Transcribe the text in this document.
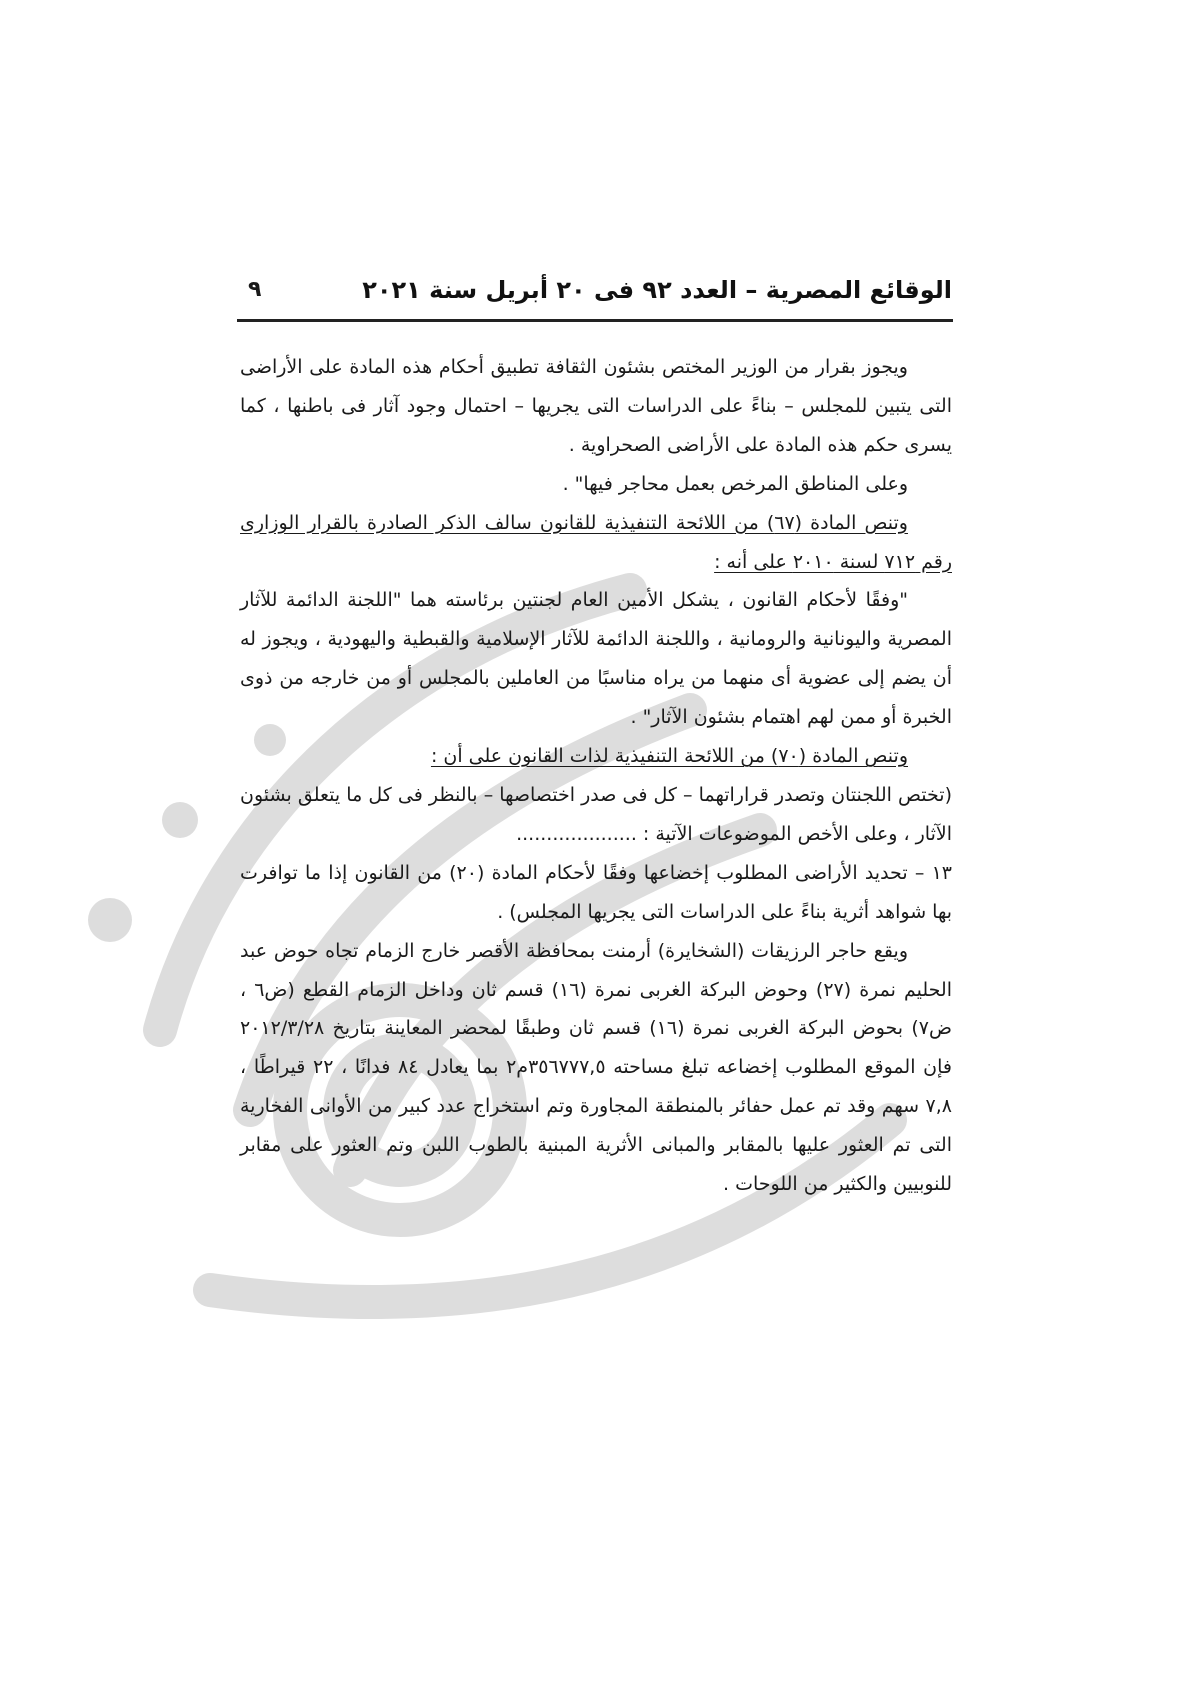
الوقائع المصرية – العدد ٩٢ فى ٢٠ أبريل سنة ٢٠٢١
٩

ويجوز بقرار من الوزير المختص بشئون الثقافة تطبيق أحكام هذه المادة على الأراضى التى يتبين للمجلس – بناءً على الدراسات التى يجريها – احتمال وجود آثار فى باطنها ، كما يسرى حكم هذه المادة على الأراضى الصحراوية .

وعلى المناطق المرخص بعمل محاجر فيها" .

وتنص المادة (٦٧) من اللائحة التنفيذية للقانون سالف الذكر الصادرة بالقرار الوزارى رقم ٧١٢ لسنة ٢٠١٠ على أنه :

"وفقًا لأحكام القانون ، يشكل الأمين العام لجنتين برئاسته هما "اللجنة الدائمة للآثار المصرية واليونانية والرومانية ، واللجنة الدائمة للآثار الإسلامية والقبطية واليهودية ، ويجوز له أن يضم إلى عضوية أى منهما من يراه مناسبًا من العاملين بالمجلس أو من خارجه من ذوى الخبرة أو ممن لهم اهتمام بشئون الآثار" .

وتنص المادة (٧٠) من اللائحة التنفيذية لذات القانون على أن :

(تختص اللجنتان وتصدر قراراتهما – كل فى صدر اختصاصها – بالنظر فى كل ما يتعلق بشئون الآثار ، وعلى الأخص الموضوعات الآتية : ....................

١٣ – تحديد الأراضى المطلوب إخضاعها وفقًا لأحكام المادة (٢٠) من القانون إذا ما توافرت بها شواهد أثرية بناءً على الدراسات التى يجريها المجلس) .

ويقع حاجر الرزيقات (الشخايرة) أرمنت بمحافظة الأقصر خارج الزمام تجاه حوض عبد الحليم نمرة (٢٧) وحوض البركة الغربى نمرة (١٦) قسم ثان وداخل الزمام القطع (ض٦ ، ض٧) بحوض البركة الغربى نمرة (١٦) قسم ثان وطبقًا لمحضر المعاينة بتاريخ ٢٠١٢/٣/٢٨ فإن الموقع المطلوب إخضاعه تبلغ مساحته ٣٥٦٧٧٧,٥م٢ بما يعادل ٨٤ فدانًا ، ٢٢ قيراطًا ، ٧,٨ سهم وقد تم عمل حفائر بالمنطقة المجاورة وتم استخراج عدد كبير من الأوانى الفخارية التى تم العثور عليها بالمقابر والمبانى الأثرية المبنية بالطوب اللبن وتم العثور على مقابر للنوبيين والكثير من اللوحات .
